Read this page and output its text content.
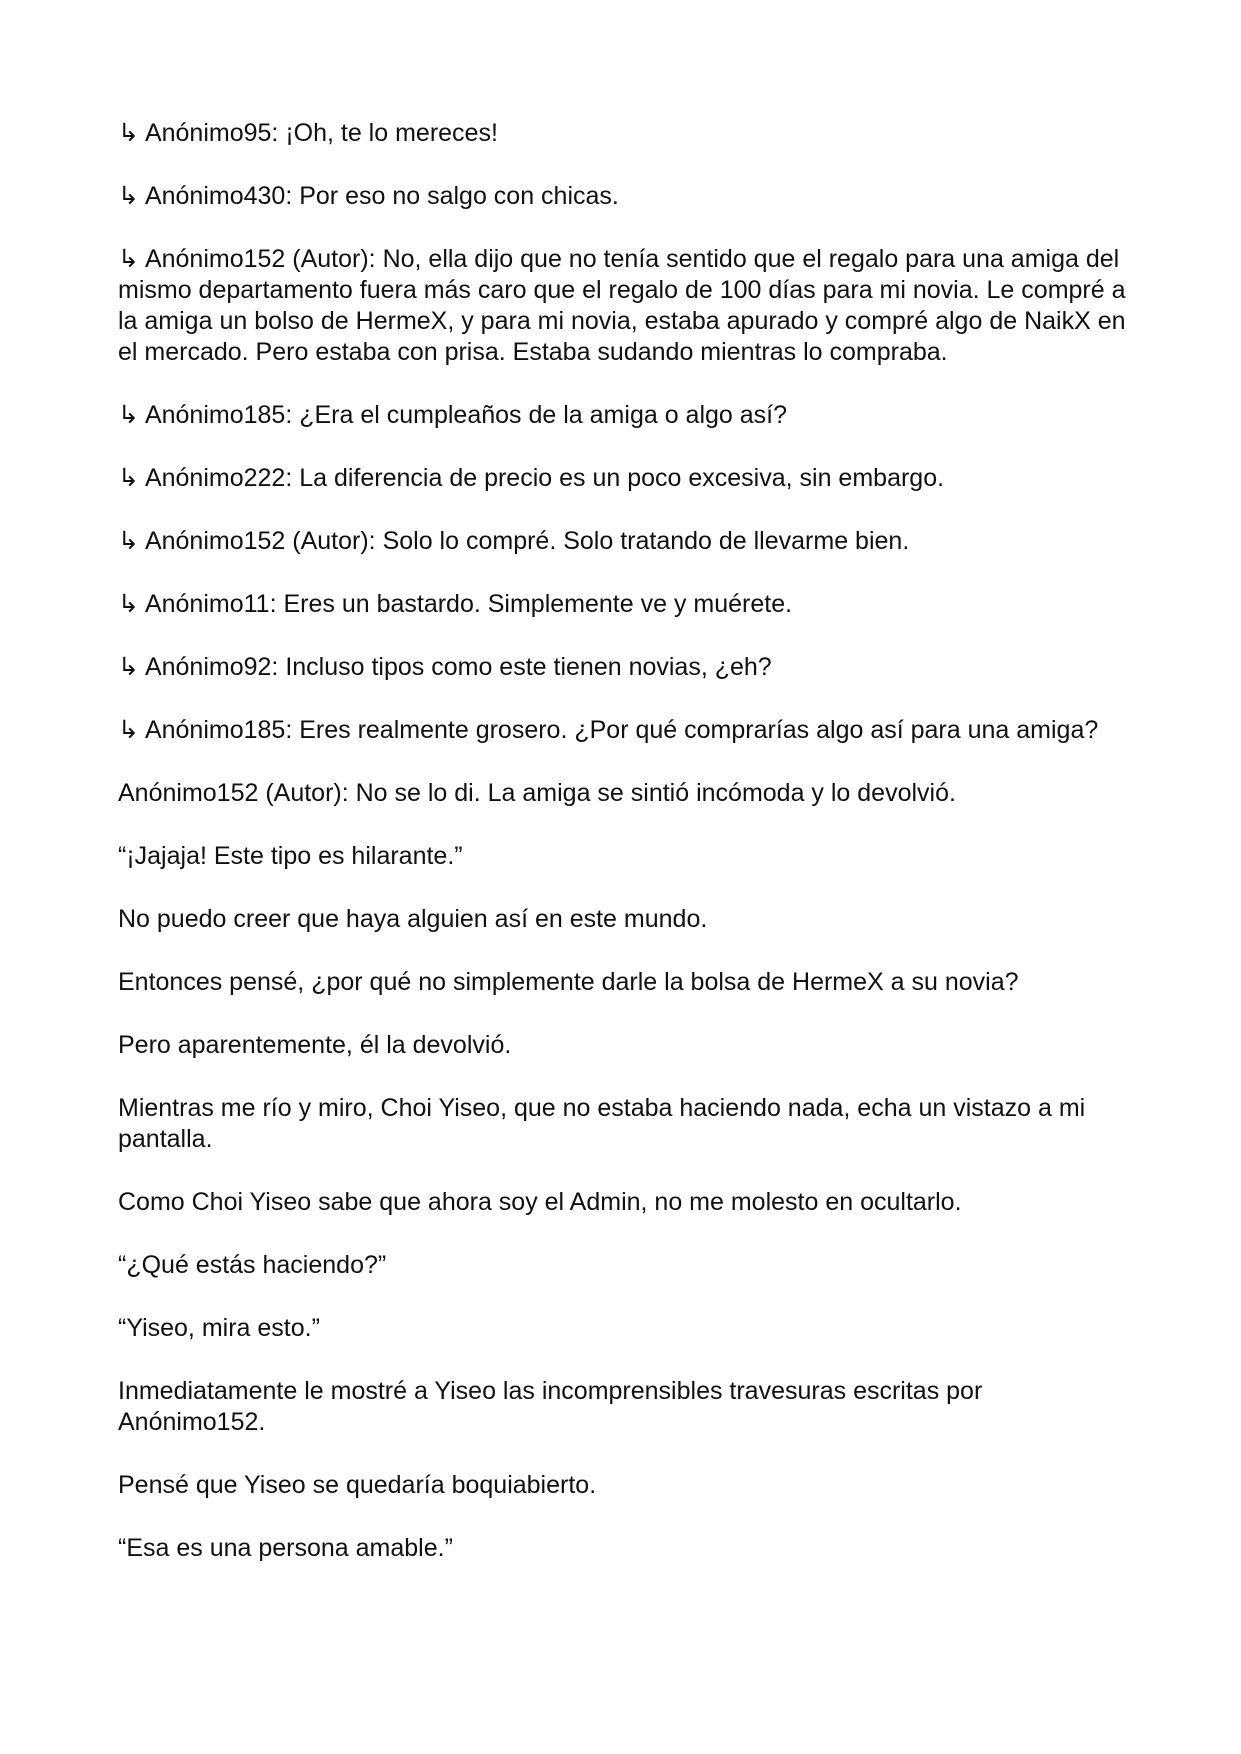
↳ Anónimo95: ¡Oh, te lo mereces!

↳ Anónimo430: Por eso no salgo con chicas.

↳ Anónimo152 (Autor): No, ella dijo que no tenía sentido que el regalo para una amiga del mismo departamento fuera más caro que el regalo de 100 días para mi novia. Le compré a la amiga un bolso de HermeX, y para mi novia, estaba apurado y compré algo de NaikX en el mercado. Pero estaba con prisa. Estaba sudando mientras lo compraba.

↳ Anónimo185: ¿Era el cumpleaños de la amiga o algo así?

↳ Anónimo222: La diferencia de precio es un poco excesiva, sin embargo.

↳ Anónimo152 (Autor): Solo lo compré. Solo tratando de llevarme bien.

↳ Anónimo11: Eres un bastardo. Simplemente ve y muérete.

↳ Anónimo92: Incluso tipos como este tienen novias, ¿eh?

↳ Anónimo185: Eres realmente grosero. ¿Por qué comprarías algo así para una amiga?

Anónimo152 (Autor): No se lo di. La amiga se sintió incómoda y lo devolvió.

“¡Jajaja! Este tipo es hilarante.”

No puedo creer que haya alguien así en este mundo.

Entonces pensé, ¿por qué no simplemente darle la bolsa de HermeX a su novia?

Pero aparentemente, él la devolvió.

Mientras me río y miro, Choi Yiseo, que no estaba haciendo nada, echa un vistazo a mi pantalla.

Como Choi Yiseo sabe que ahora soy el Admin, no me molesto en ocultarlo.

“¿Qué estás haciendo?”

“Yiseo, mira esto.”

Inmediatamente le mostré a Yiseo las incomprensibles travesuras escritas por Anónimo152.

Pensé que Yiseo se quedaría boquiabierto.

“Esa es una persona amable.”
